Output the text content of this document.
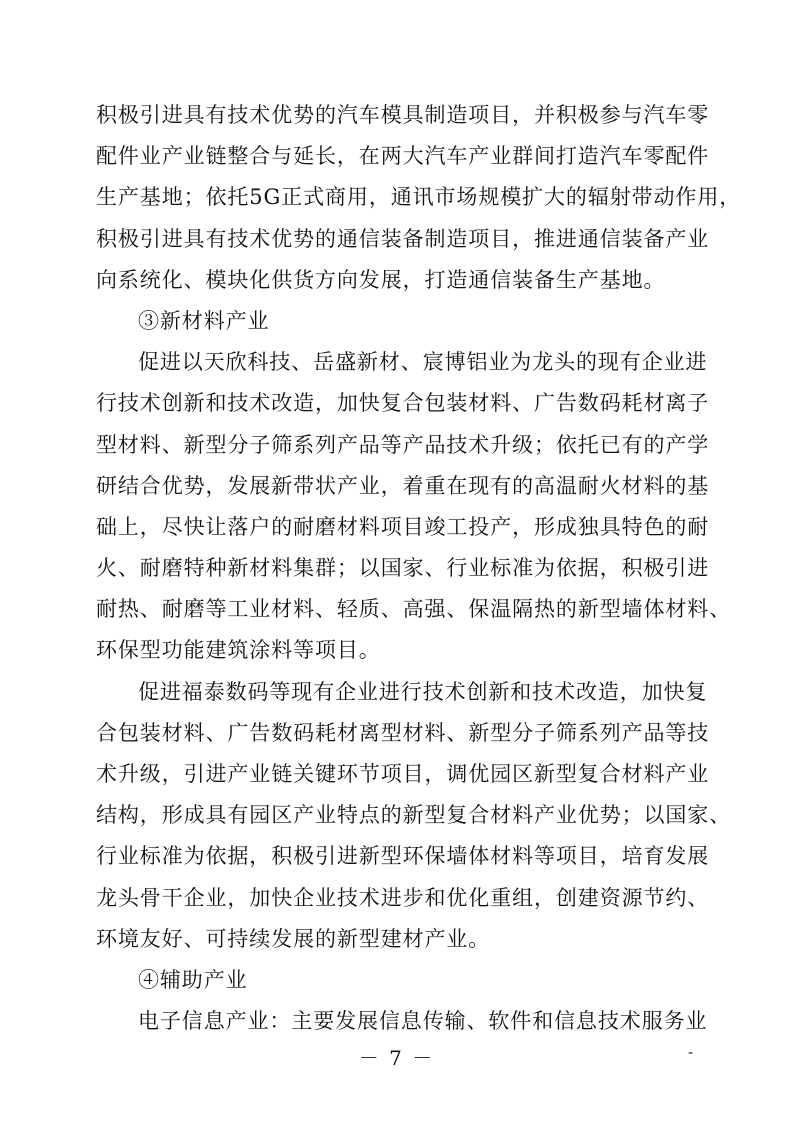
积极引进具有技术优势的汽车模具制造项目，并积极参与汽车零
配件业产业链整合与延长，在两大汽车产业群间打造汽车零配件
生产基地；依托5G正式商用，通讯市场规模扩大的辐射带动作用，
积极引进具有技术优势的通信装备制造项目，推进通信装备产业
向系统化、模块化供货方向发展，打造通信装备生产基地。
③新材料产业
促进以天欣科技、岳盛新材、宸博铝业为龙头的现有企业进
行技术创新和技术改造，加快复合包装材料、广告数码耗材离子
型材料、新型分子筛系列产品等产品技术升级；依托已有的产学
研结合优势，发展新带状产业，着重在现有的高温耐火材料的基
础上，尽快让落户的耐磨材料项目竣工投产，形成独具特色的耐
火、耐磨特种新材料集群；以国家、行业标准为依据，积极引进
耐热、耐磨等工业材料、轻质、高强、保温隔热的新型墙体材料、
环保型功能建筑涂料等项目。
促进福泰数码等现有企业进行技术创新和技术改造，加快复
合包装材料、广告数码耗材离型材料、新型分子筛系列产品等技
术升级，引进产业链关键环节项目，调优园区新型复合材料产业
结构，形成具有园区产业特点的新型复合材料产业优势；以国家、
行业标准为依据，积极引进新型环保墙体材料等项目，培育发展
龙头骨干企业，加快企业技术进步和优化重组，创建资源节约、
环境友好、可持续发展的新型建材产业。
④辅助产业
电子信息产业：主要发展信息传输、软件和信息技术服务业
－ 7 －	-
